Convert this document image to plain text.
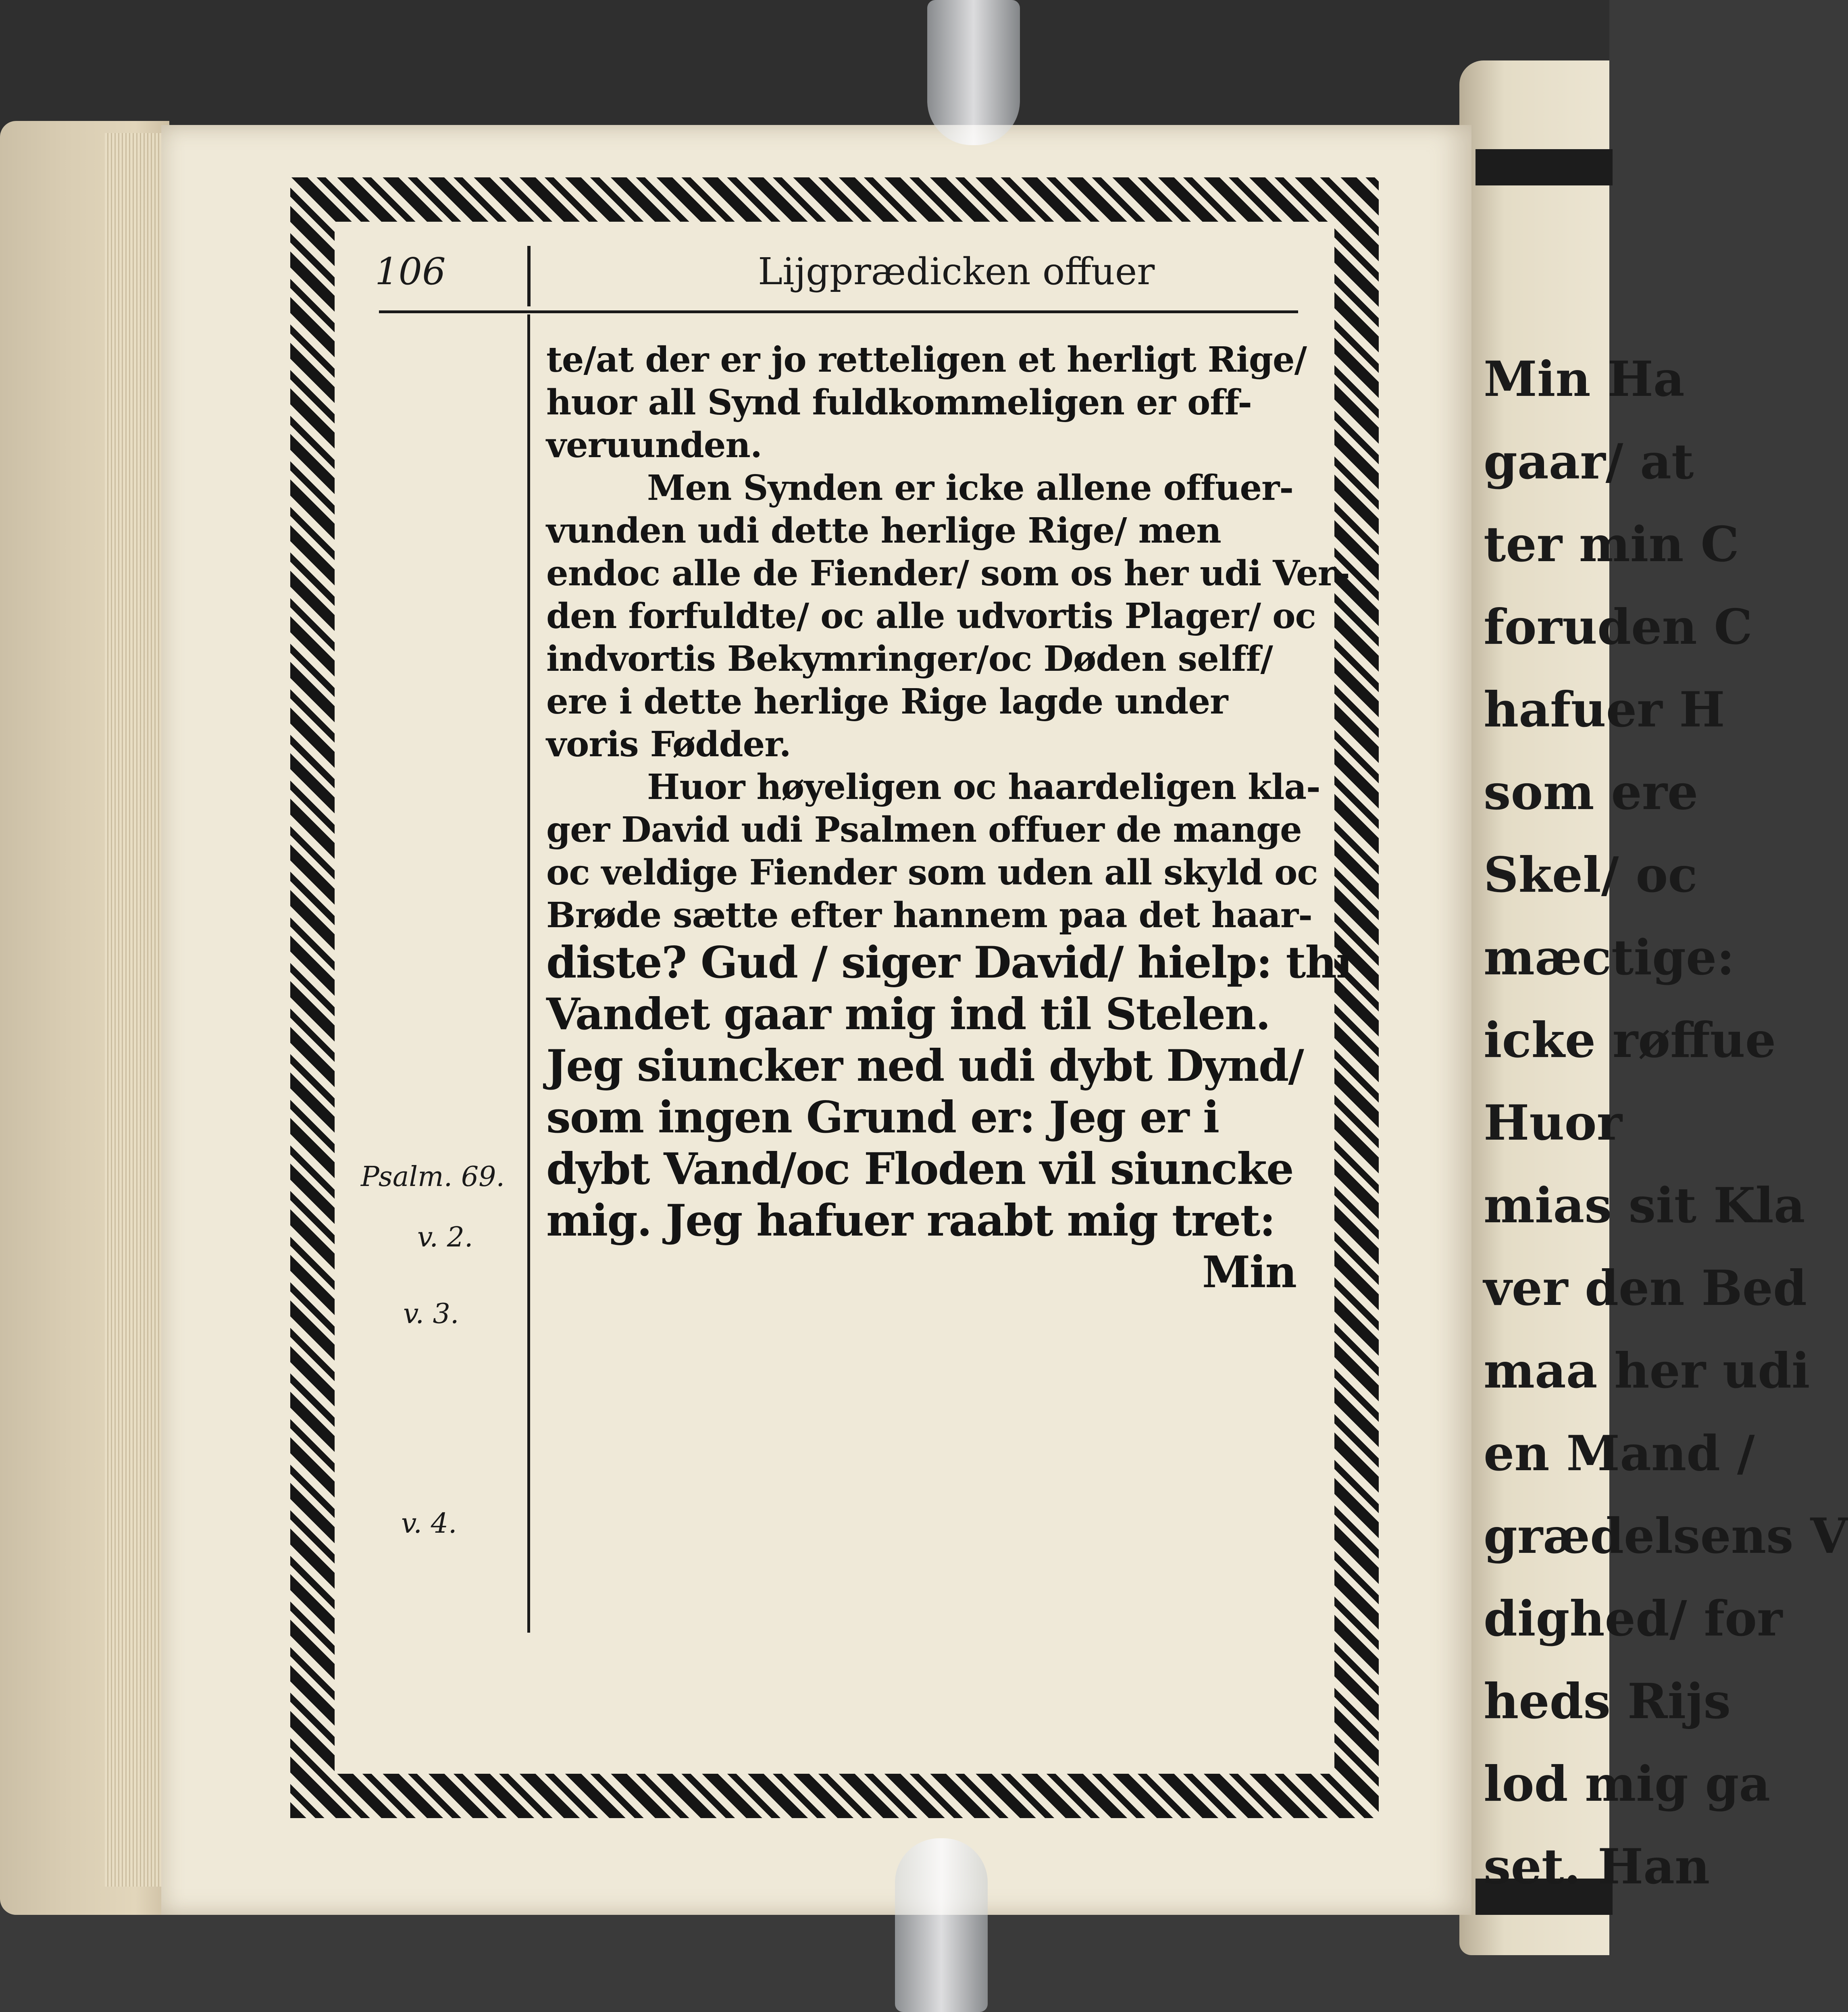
Min Ha
gaar/ at
ter min C
foruden C
hafuer H
som ere
Skel/ oc
mæctige:
icke røffue
Huor
mias sit Kla
ver den Bed
maa her udi
en Mand /
grædelsens V
dighed/ for
heds Rijs
lod mig ga
set. Han
106	Lijgprædicken offuer
te/at der er jo retteligen et herligt Rige/
huor all Synd fuldkommeligen er off-
veruunden.
Men Synden er icke allene offuer-
vunden udi dette herlige Rige/ men
endoc alle de Fiender/ som os her udi Ver-
den forfuldte/ oc alle udvortis Plager/ oc
indvortis Bekymringer/oc Døden selff/
ere i dette herlige Rige lagde under
voris Fødder.
Huor høyeligen oc haardeligen kla-
ger David udi Psalmen offuer de mange
oc veldige Fiender som uden all skyld oc
Brøde sætte efter hannem paa det haar-
diste? Gud / siger David/ hielp: thi
Vandet gaar mig ind til Stelen.
Jeg siuncker ned udi dybt Dynd/
som ingen Grund er: Jeg er i
dybt Vand/oc Floden vil siuncke
mig. Jeg hafuer raabt mig tret:
Min
Psalm. 69.
v. 2.
v. 3.
v. 4.
